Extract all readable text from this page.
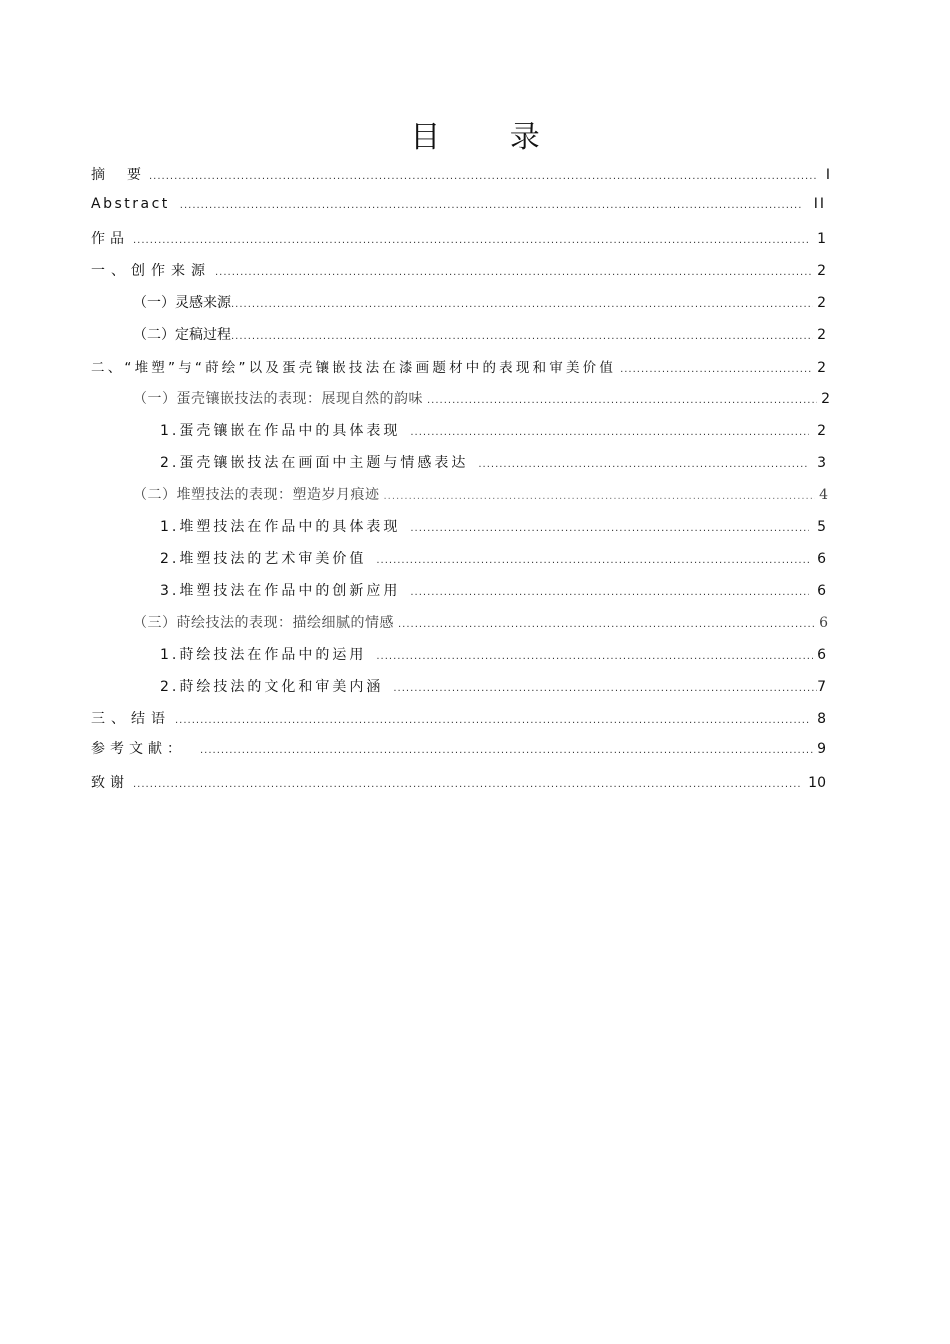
目 录
摘　要 .....	I
Abstract .....	II
作品 .....	1
一、创作来源 .....	2
（一）灵感来源 .....	2
（二）定稿过程 .....	2
二、“堆塑”与“莳绘”以及蛋壳镶嵌技法在漆画题材中的表现和审美价值 .....	2
（一）蛋壳镶嵌技法的表现：展现自然的韵味 .....	2
1.蛋壳镶嵌在作品中的具体表现 .....	2
2.蛋壳镶嵌技法在画面中主题与情感表达 .....	3
（二）堆塑技法的表现：塑造岁月痕迹 .....	4
1.堆塑技法在作品中的具体表现 .....	5
2.堆塑技法的艺术审美价值 .....	6
3.堆塑技法在作品中的创新应用 .....	6
（三）莳绘技法的表现：描绘细腻的情感 .....	6
1.莳绘技法在作品中的运用 .....	6
2.莳绘技法的文化和审美内涵 .....	7
三、结语 .....	8
参考文献： .....	9
致谢 .....	10
